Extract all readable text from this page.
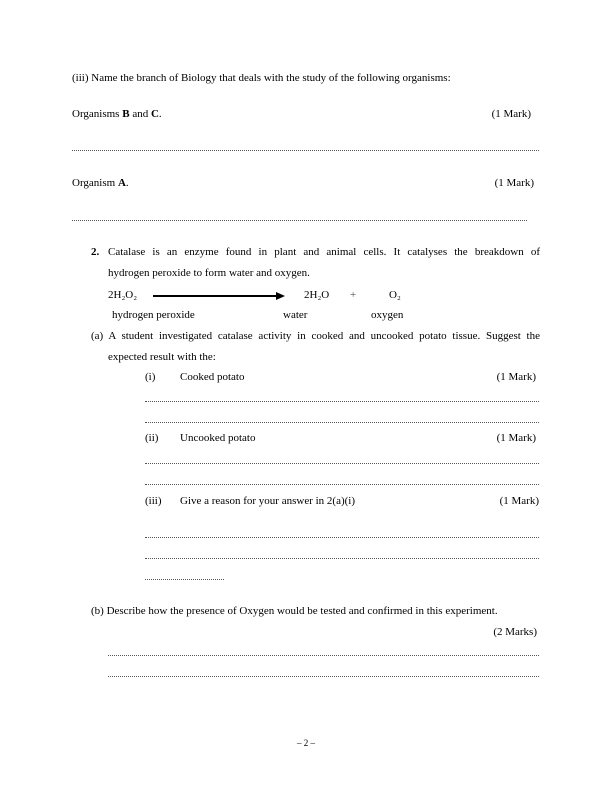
(iii) Name the branch of Biology that deals with the study of the following organisms:
Organisms B and C.	(1 Mark)
Organism A.	(1 Mark)
2. Catalase is an enzyme found in plant and animal cells. It catalyses the breakdown of
hydrogen peroxide to form water and oxygen.
2H₂O₂	2H₂O +	O₂
hydrogen peroxide	water	oxygen
(a) A student investigated catalase activity in cooked and uncooked potato tissue. Suggest the
expected result with the:
(i) Cooked potato	(1 Mark)
(ii) Uncooked potato	(1 Mark)
(iii) Give a reason for your answer in 2(a)(i)	(1 Mark)
(b) Describe how the presence of Oxygen would be tested and confirmed in this experiment.
(2 Marks)
– 2 –
